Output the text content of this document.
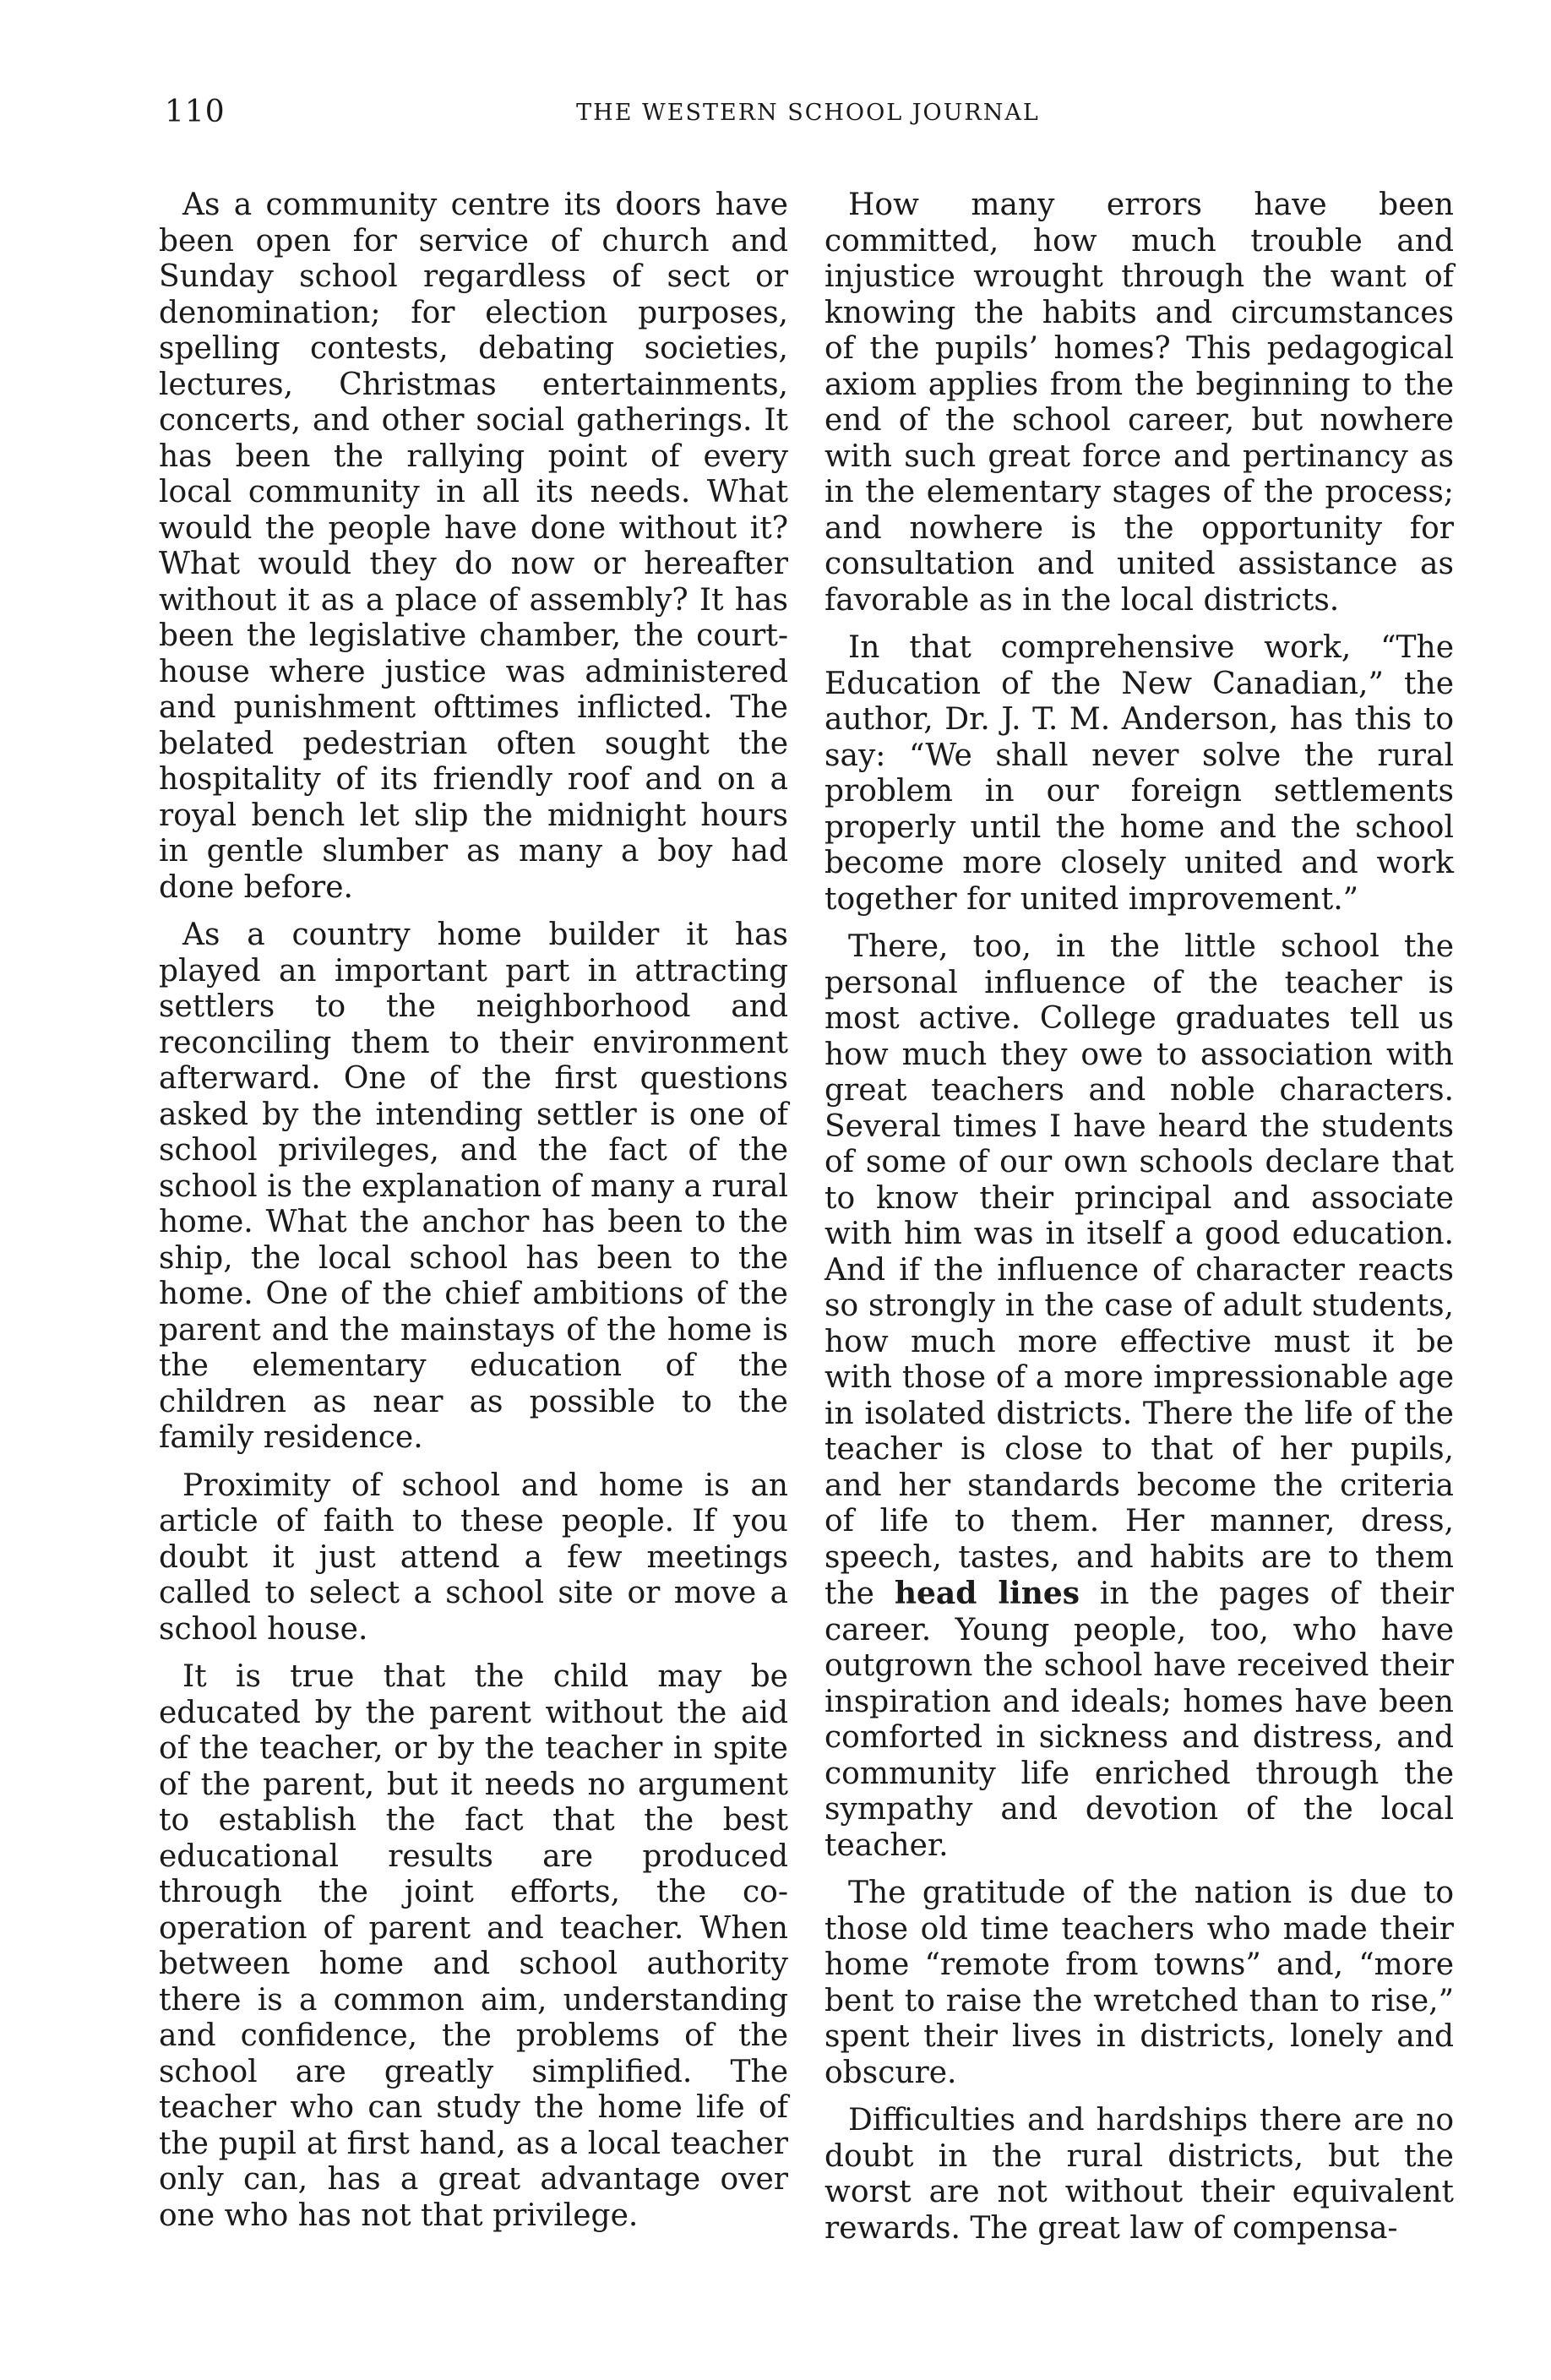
110	THE WESTERN SCHOOL JOURNAL

As a community centre its doors have been open for service of church and Sunday school regardless of sect or denomination; for election purposes, spelling contests, debating societies, lectures, Christmas entertainments, concerts, and other social gatherings. It has been the rallying point of every local community in all its needs. What would the people have done without it? What would they do now or hereafter without it as a place of assembly? It has been the legislative chamber, the court-house where justice was administered and punishment ofttimes inflicted. The belated pedestrian often sought the hospitality of its friendly roof and on a royal bench let slip the midnight hours in gentle slumber as many a boy had done before.

As a country home builder it has played an important part in attracting settlers to the neighborhood and reconciling them to their environment afterward. One of the first questions asked by the intending settler is one of school privileges, and the fact of the school is the explanation of many a rural home. What the anchor has been to the ship, the local school has been to the home. One of the chief ambitions of the parent and the mainstays of the home is the elementary education of the children as near as possible to the family residence.

Proximity of school and home is an article of faith to these people. If you doubt it just attend a few meetings called to select a school site or move a school house.

It is true that the child may be educated by the parent without the aid of the teacher, or by the teacher in spite of the parent, but it needs no argument to establish the fact that the best educational results are produced through the joint efforts, the co-operation of parent and teacher. When between home and school authority there is a common aim, understanding and confidence, the problems of the school are greatly simplified. The teacher who can study the home life of the pupil at first hand, as a local teacher only can, has a great advantage over one who has not that privilege.

How many errors have been committed, how much trouble and injustice wrought through the want of knowing the habits and circumstances of the pupils’ homes? This pedagogical axiom applies from the beginning to the end of the school career, but nowhere with such great force and pertinancy as in the elementary stages of the process; and nowhere is the opportunity for consultation and united assistance as favorable as in the local districts.

In that comprehensive work, “The Education of the New Canadian,” the author, Dr. J. T. M. Anderson, has this to say: “We shall never solve the rural problem in our foreign settlements properly until the home and the school become more closely united and work together for united improvement.”

There, too, in the little school the personal influence of the teacher is most active. College graduates tell us how much they owe to association with great teachers and noble characters. Several times I have heard the students of some of our own schools declare that to know their principal and associate with him was in itself a good education. And if the influence of character reacts so strongly in the case of adult students, how much more effective must it be with those of a more impressionable age in isolated districts. There the life of the teacher is close to that of her pupils, and her standards become the criteria of life to them. Her manner, dress, speech, tastes, and habits are to them the head lines in the pages of their career. Young people, too, who have outgrown the school have received their inspiration and ideals; homes have been comforted in sickness and distress, and community life enriched through the sympathy and devotion of the local teacher.

The gratitude of the nation is due to those old time teachers who made their home “remote from towns” and, “more bent to raise the wretched than to rise,” spent their lives in districts, lonely and obscure.

Difficulties and hardships there are no doubt in the rural districts, but the worst are not without their equivalent rewards. The great law of compensa-
